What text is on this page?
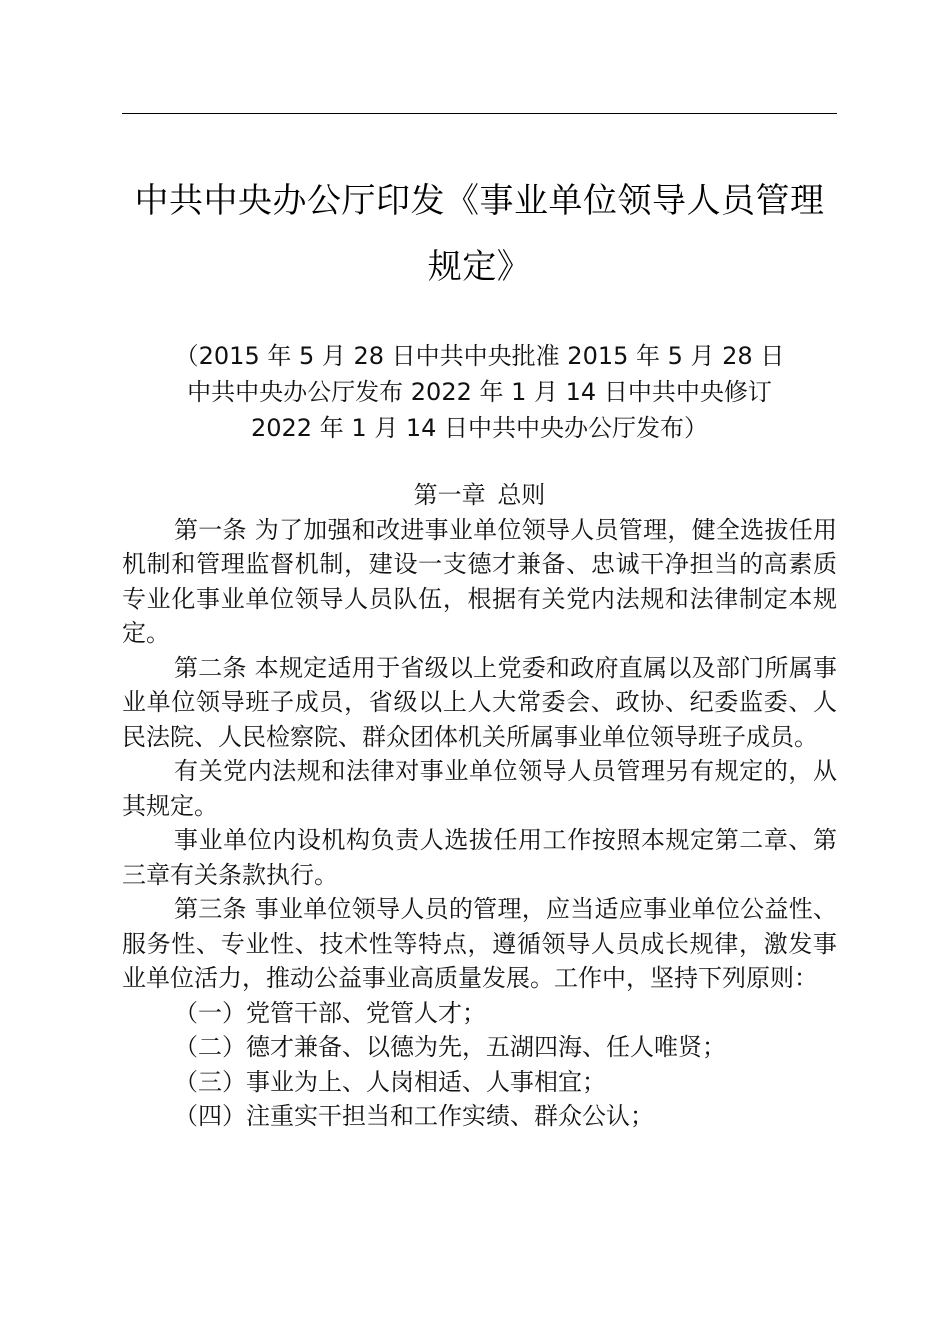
中共中央办公厅印发《事业单位领导人员管理
规定》
（2015 年 5 月 28 日中共中央批准 2015 年 5 月 28 日
中共中央办公厅发布 2022 年 1 月 14 日中共中央修订
2022 年 1 月 14 日中共中央办公厅发布）
第一章 总则

第一条 为了加强和改进事业单位领导人员管理，健全选拔任用机制和管理监督机制，建设一支德才兼备、忠诚干净担当的高素质专业化事业单位领导人员队伍，根据有关党内法规和法律制定本规定。

第二条 本规定适用于省级以上党委和政府直属以及部门所属事业单位领导班子成员，省级以上人大常委会、政协、纪委监委、人民法院、人民检察院、群众团体机关所属事业单位领导班子成员。

有关党内法规和法律对事业单位领导人员管理另有规定的，从其规定。

事业单位内设机构负责人选拔任用工作按照本规定第二章、第三章有关条款执行。

第三条 事业单位领导人员的管理，应当适应事业单位公益性、服务性、专业性、技术性等特点，遵循领导人员成长规律，激发事业单位活力，推动公益事业高质量发展。工作中，坚持下列原则：

（一）党管干部、党管人才；

（二）德才兼备、以德为先，五湖四海、任人唯贤；

（三）事业为上、人岗相适、人事相宜；

（四）注重实干担当和工作实绩、群众公认；
